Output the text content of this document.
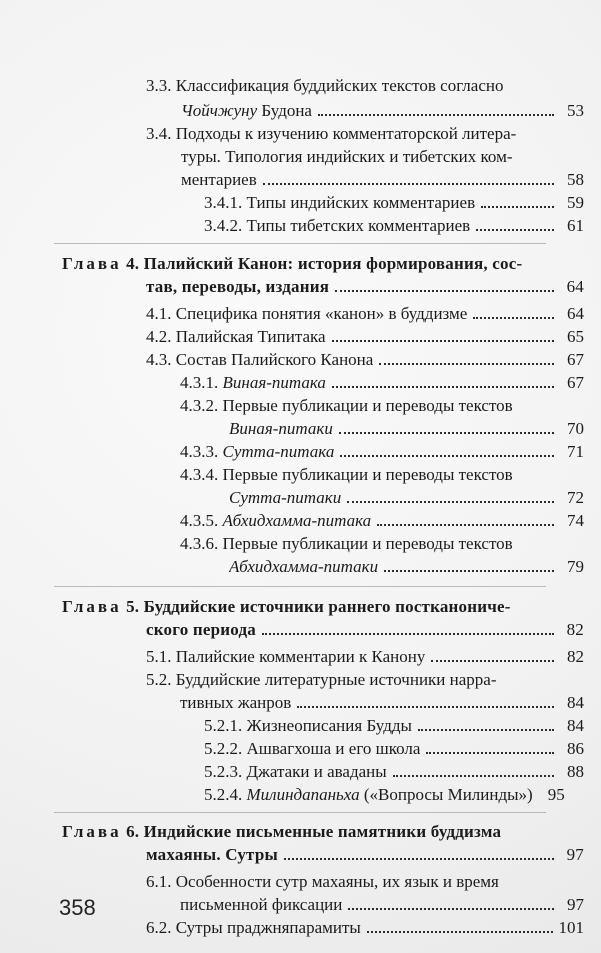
3.3. Классификация буддийских текстов согласно
Чойчжуну Будона	53
3.4. Подходы к изучению комментаторской литера-
туры. Типология индийских и тибетских ком-
ментариев	58
3.4.1. Типы индийских комментариев	59
3.4.2. Типы тибетских комментариев	61
Глава 4. Палийский Канон: история формирования, сос-
тав, переводы, издания	64
4.1. Специфика понятия «канон» в буддизме	64
4.2. Палийская Типитака	65
4.3. Состав Палийского Канона	67
4.3.1. Виная-питака	67
4.3.2. Первые публикации и переводы текстов
Виная-питаки	70
4.3.3. Сутта-питака	71
4.3.4. Первые публикации и переводы текстов
Сутта-питаки	72
4.3.5. Абхидхамма-питака	74
4.3.6. Первые публикации и переводы текстов
Абхидхамма-питаки	79
Глава 5. Буддийские источники раннего постканониче-
ского периода	82
5.1. Палийские комментарии к Канону	82
5.2. Буддийские литературные источники нарра-
тивных жанров	84
5.2.1. Жизнеописания Будды	84
5.2.2. Ашвагхоша и его школа	86
5.2.3. Джатаки и аваданы	88
5.2.4. Милиндапаньха («Вопросы Милинды») 95
Глава 6. Индийские письменные памятники буддизма
махаяны. Сутры	97
6.1. Особенности сутр махаяны, их язык и время
письменной фиксации	97
6.2. Сутры праджняпарамиты	101
358
